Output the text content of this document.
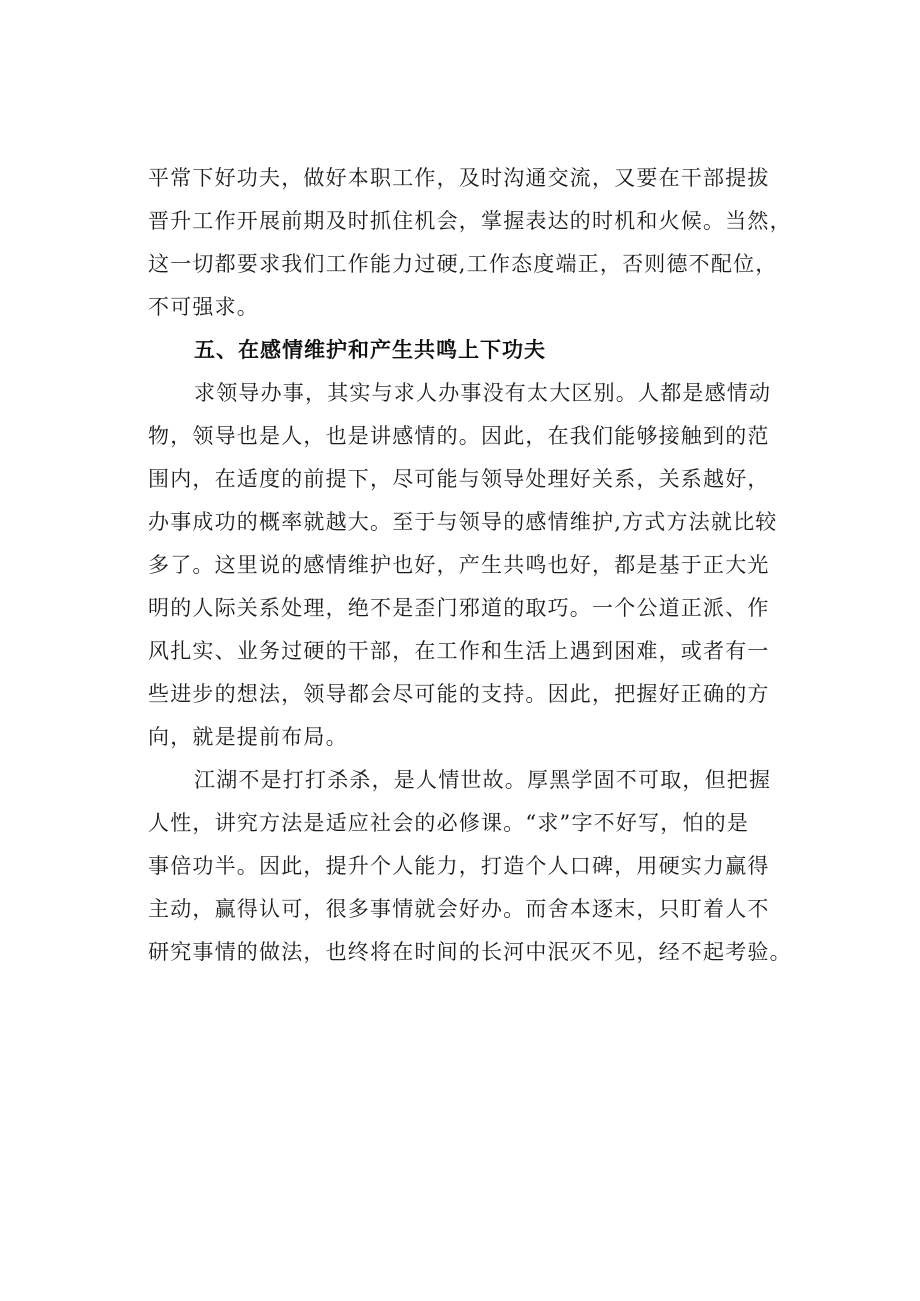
平常下好功夫，做好本职工作，及时沟通交流，又要在干部提拔
晋升工作开展前期及时抓住机会，掌握表达的时机和火候。当然，
这一切都要求我们工作能力过硬,工作态度端正，否则德不配位，
不可强求。

五、在感情维护和产生共鸣上下功夫

求领导办事，其实与求人办事没有太大区别。人都是感情动
物，领导也是人，也是讲感情的。因此，在我们能够接触到的范
围内，在适度的前提下，尽可能与领导处理好关系，关系越好，
办事成功的概率就越大。至于与领导的感情维护,方式方法就比较
多了。这里说的感情维护也好，产生共鸣也好，都是基于正大光
明的人际关系处理，绝不是歪门邪道的取巧。一个公道正派、作
风扎实、业务过硬的干部，在工作和生活上遇到困难，或者有一
些进步的想法，领导都会尽可能的支持。因此，把握好正确的方
向，就是提前布局。

江湖不是打打杀杀，是人情世故。厚黑学固不可取，但把握
人性，讲究方法是适应社会的必修课。“求”字不好写，怕的是
事倍功半。因此，提升个人能力，打造个人口碑，用硬实力赢得
主动，赢得认可，很多事情就会好办。而舍本逐末，只盯着人不
研究事情的做法，也终将在时间的长河中泯灭不见，经不起考验。
